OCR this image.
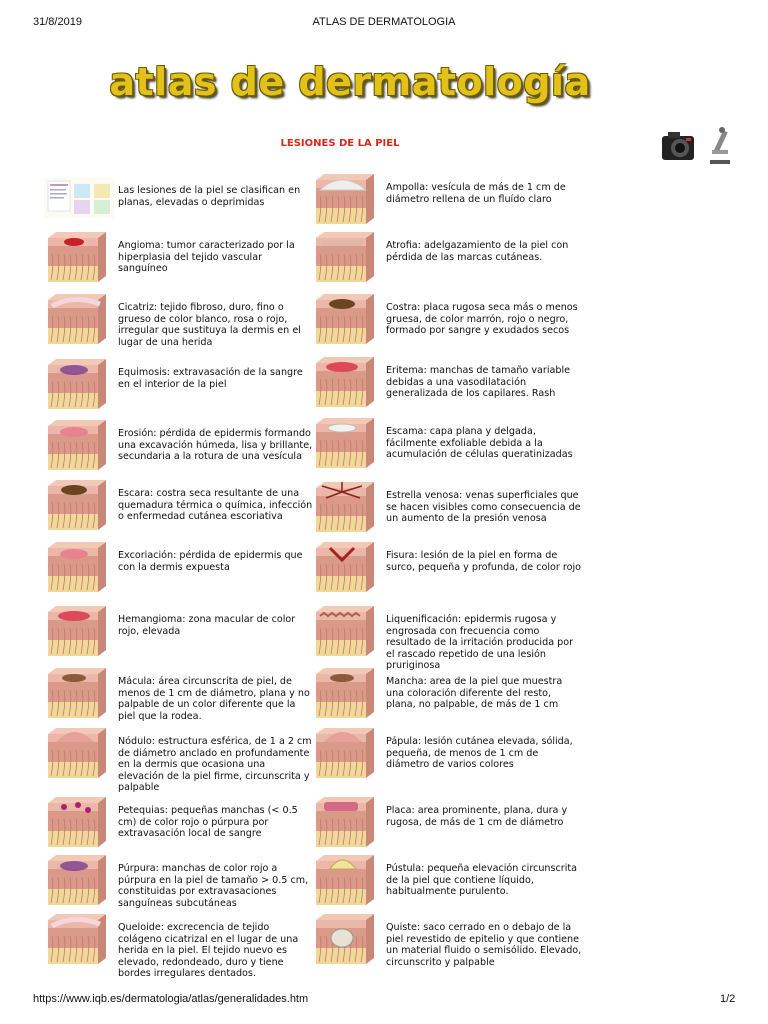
31/8/2019	ATLAS DE DERMATOLOGIA
atlas de dermatología
LESIONES DE LA PIEL
Las lesiones de la piel se clasifican en planas, elevadas o deprimidas
Angioma: tumor caracterizado por la hiperplasia del tejido vascular sanguíneo
Cicatriz: tejido fibroso, duro, fino o grueso de color blanco, rosa o rojo, irregular que sustituya la dermis en el lugar de una herida
Equimosis: extravasación de la sangre en el interior de la piel
Erosión: pérdida de epidermis formando una excavación húmeda, lisa y brillante, secundaria a la rotura de una vesícula
Escara: costra seca resultante de una quemadura térmica o química, infección o enfermedad cutánea escoriativa
Excoriación: pérdida de epidermis que con la dermis expuesta
Hemangioma: zona macular de color rojo, elevada
Mácula: área circunscrita de piel, de menos de 1 cm de diámetro, plana y no palpable de un color diferente que la piel que la rodea.
Nódulo: estructura esférica, de 1 a 2 cm de diámetro anclado en profundamente en la dermis que ocasiona una elevación de la piel firme, circunscrita y palpable
Petequias: pequeñas manchas (< 0.5 cm) de color rojo o púrpura por extravasación local de sangre
Púrpura: manchas de color rojo a púrpura en la piel de tamaño > 0.5 cm, constituidas por extravasaciones sanguíneas subcutáneas
Queloide: excrecencia de tejido colágeno cicatrizal en el lugar de una herida en la piel. El tejido nuevo es elevado, redondeado, duro y tiene bordes irregulares dentados.
Ampolla: vesícula de más de 1 cm de diámetro rellena de un fluído claro
Atrofia: adelgazamiento de la piel con pérdida de las marcas cutáneas.
Costra: placa rugosa seca más o menos gruesa, de color marrón, rojo o negro, formado por sangre y exudados secos
Eritema: manchas de tamaño variable debidas a una vasodilatación generalizada de los capilares. Rash
Escama: capa plana y delgada, fácilmente exfoliable debida a la acumulación de células queratinizadas
Estrella venosa: venas superficiales que se hacen visibles como consecuencia de un aumento de la presión venosa
Fisura: lesión de la piel en forma de surco, pequeña y profunda, de color rojo
Liquenificación: epidermis rugosa y engrosada con frecuencia como resultado de la irritación producida por el rascado repetido de una lesión pruriginosa
Mancha: area de la piel que muestra una coloración diferente del resto, plana, no palpable, de más de 1 cm
Pápula: lesión cutánea elevada, sólida, pequeña, de menos de 1 cm de diámetro de varios colores
Placa: area prominente, plana, dura y rugosa, de más de 1 cm de diámetro
Pústula: pequeña elevación circunscrita de la piel que contiene líquido, habitualmente purulento.
Quiste: saco cerrado en o debajo de la piel revestido de epitelio y que contiene un material fluido o semisólido. Elevado, circunscrito y palpable
https://www.iqb.es/dermatologia/atlas/generalidades.htm	1/2
